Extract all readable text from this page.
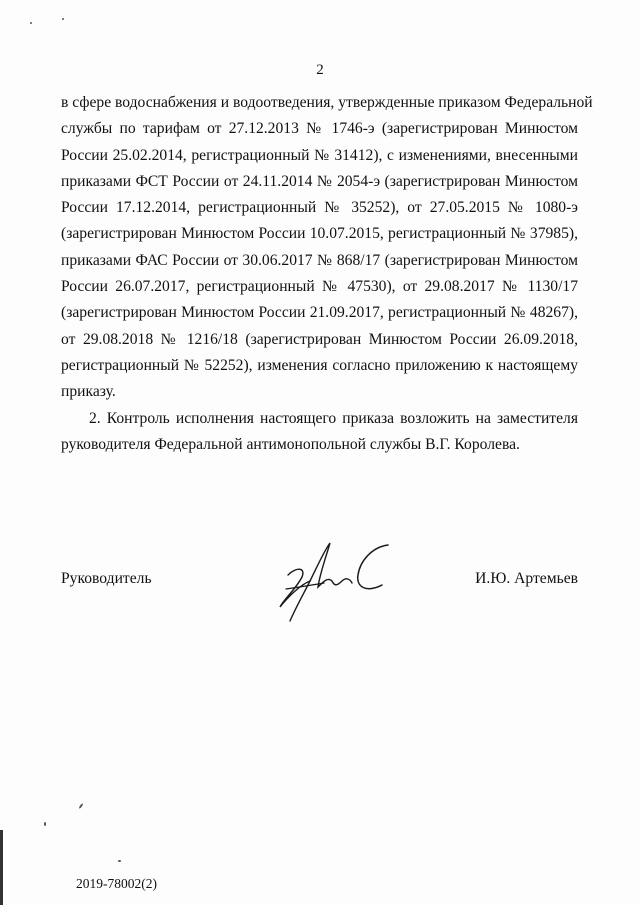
2
в сфере водоснабжения и водоотведения, утвержденные приказом Федеральной
службы по тарифам от 27.12.2013 № 1746-э (зарегистрирован Минюстом
России 25.02.2014, регистрационный № 31412), с изменениями, внесенными
приказами ФСТ России от 24.11.2014 № 2054-э (зарегистрирован Минюстом
России 17.12.2014, регистрационный № 35252), от 27.05.2015 № 1080-э
(зарегистрирован Минюстом России 10.07.2015, регистрационный № 37985),
приказами ФАС России от 30.06.2017 № 868/17 (зарегистрирован Минюстом
России 26.07.2017, регистрационный № 47530), от 29.08.2017 № 1130/17
(зарегистрирован Минюстом России 21.09.2017, регистрационный № 48267),
от 29.08.2018 № 1216/18 (зарегистрирован Минюстом России 26.09.2018,
регистрационный № 52252), изменения согласно приложению к настоящему
приказу.
2. Контроль исполнения настоящего приказа возложить на заместителя
руководителя Федеральной антимонопольной службы В.Г. Королева.
Руководитель	И.Ю. Артемьев
2019-78002(2)
